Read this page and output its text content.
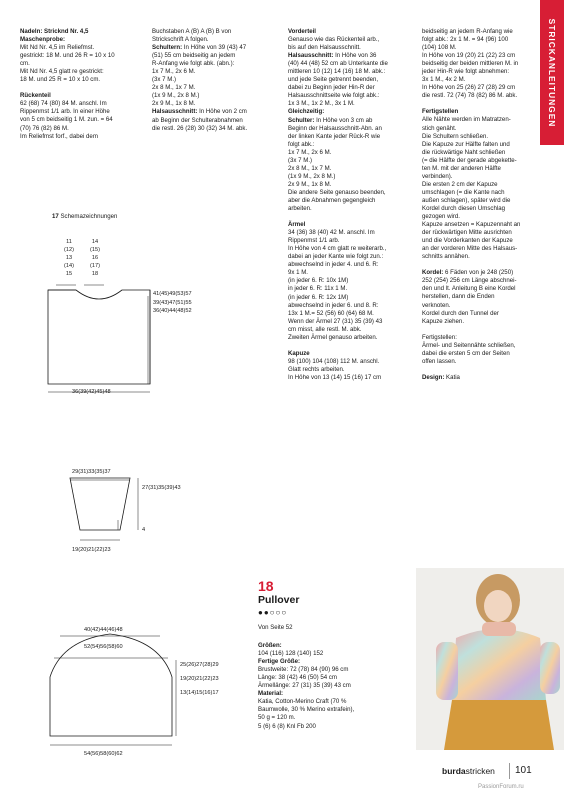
STRICKANLEITUNGEN

Nadeln: Stricknd Nr. 4,5

Maschenprobe:

Mit Nd Nr. 4,5 im Reliefmst.

gestrickt: 18 M. und 26 R = 10 x 10

cm.

Mit Nd Nr. 4,5 glatt re gestrickt:

18 M. und 25 R = 10 x 10 cm.

Rückenteil

62 (68) 74 (80) 84 M. anschl. Im

Rippenmst 1/1 arb. In einer Höhe

von 5 cm beidseitig 1 M. zun. = 64

(70) 76 (82) 86 M.

Im Reliefmst forf., dabei dem

Buchstaben A (B) A (B) B von

Strickschrift A folgen.

Schultern: In Höhe von 39 (43) 47

(51) 55 cm beidseitig an jedem

R-Anfang wie folgt abk. (abn.):

1x 7 M., 2x 6 M.

(3x 7 M.)

2x 8 M., 1x 7 M.

(1x 9 M., 2x 8 M.)

2x 9 M., 1x 8 M.

Halsausschnitt: In Höhe von 2 cm

ab Beginn der Schulterabnahmen

die restl. 26 (28) 30 (32) 34 M. abk.

Vorderteil

Genauso wie das Rückenteil arb.,

bis auf den Halsausschnitt.

Halsausschnitt: In Höhe von 36

(40) 44 (48) 52 cm ab Unterkante die

mittleren 10 (12) 14 (16) 18 M. abk.:

und jede Seite getrennt beenden,

dabei zu Beginn jeder Hin-R der

Halsausschnittseite wie folgt abk.:

1x 3 M., 1x 2 M., 3x 1 M.

Gleichzeitig:

Schulter: In Höhe von 3 cm ab

Beginn der Halsausschnitt-Abn. an

der linken Kante jeder Rück-R wie

folgt abk.:

1x 7 M., 2x 6 M.

(3x 7 M.)

2x 8 M., 1x 7 M.

(1x 9 M., 2x 8 M.)

2x 9 M., 1x 8 M.

Die andere Seite genauso beenden,

aber die Abnahmen gegengleich

arbeiten.

Ärmel

34 (36) 38 (40) 42 M. anschl. Im

Rippenmst 1/1 arb.

In Höhe von 4 cm glatt re weiterarb.,

dabei an jeder Kante wie folgt zun.:

abwechselnd in jeder 4. und 6. R:

9x 1 M.

(in jeder 6. R: 10x 1M)

in jeder 6. R: 11x 1 M.

(in jeder 6. R: 12x 1M)

abwechselnd in jeder 6. und 8. R:

13x 1 M.= 52 (56) 60 (64) 68 M.

Wenn der Ärmel 27 (31) 35 (39) 43

cm misst, alle restl. M. abk.

Zweiten Ärmel genauso arbeiten.

Kapuze

98 (100) 104 (108) 112 M. anschl.

Glatt rechts arbeiten.

In Höhe von 13 (14) 15 (16) 17 cm

beidseitig an jedem R-Anfang wie

folgt abk.: 2x 1 M. = 94 (96) 100

(104) 108 M.

In Höhe von 19 (20) 21 (22) 23 cm

beidseitig der beiden mittleren M. in

jeder Hin-R wie folgt abnehmen:

3x 1 M., 4x 2 M.

In Höhe von 25 (26) 27 (28) 29 cm

die restl. 72 (74) 78 (82) 86 M. abk.

Fertigstellen

Alle Nähte werden im Matratzen-

stich genäht.

Die Schultern schließen.

Die Kapuze zur Hälfte falten und

die rückwärtige Naht schließen

(= die Hälfte der gerade abgekette-

ten M. mit der anderen Hälfte

verbinden).

Die ersten 2 cm der Kapuze

umschlagen (= die Kante nach

außen schlagen), später wird die

Kordel durch diesen Umschlag

gezogen wird.

Kapuze ansetzen = Kapuzennaht an

der rückwärtigen Mitte ausrichten

und die Vorderkanten der Kapuze

an der vorderen Mitte des Halsaus-

schnitts annähen.

Kordel: 6 Fäden von je 248 (250)

252 (254) 256 cm Länge abschnei-

den und lt. Anleitung B eine Kordel

herstellen, dann die Enden

verknoten.

Kordel durch den Tunnel der

Kapuze ziehen.

Fertigstellen:

Ärmel- und Seitennähte schließen,

dabei die ersten 5 cm der Seiten

offen lassen.

Design: Katia

17 Schemazeichnungen
11
(12)
13
(14)
15
14
(15)
16
(17)
18
41(45)49(53)57
39(43)47(51)55
36(40)44(48)52
36(39(42)45)48
29(31)33(35)37
27(31)35(39)43
4
19(20)21(22)23
40(42)44(46)48
52(54)56(58)60
25(26)27(28)29
19(20)21(22)23
13(14)15(16)17
54(56)58(60)62
18
Pullover
●●○○○

Von Seite 52

Größen:

104 (116) 128 (140) 152

Fertige Größe:

Brustweite: 72 (78) 84 (90) 96 cm

Länge: 38 (42) 46 (50) 54 cm

Ärmellänge: 27 (31) 35 (39) 43 cm

Material:

Katia, Cotton-Merino Craft (70 %

Baumwolle, 30 % Merino extrafein),

50 g = 120 m.

5 (6) 6 (8) Knl Fb 200

burdastricken 101
PassionForum.ru
